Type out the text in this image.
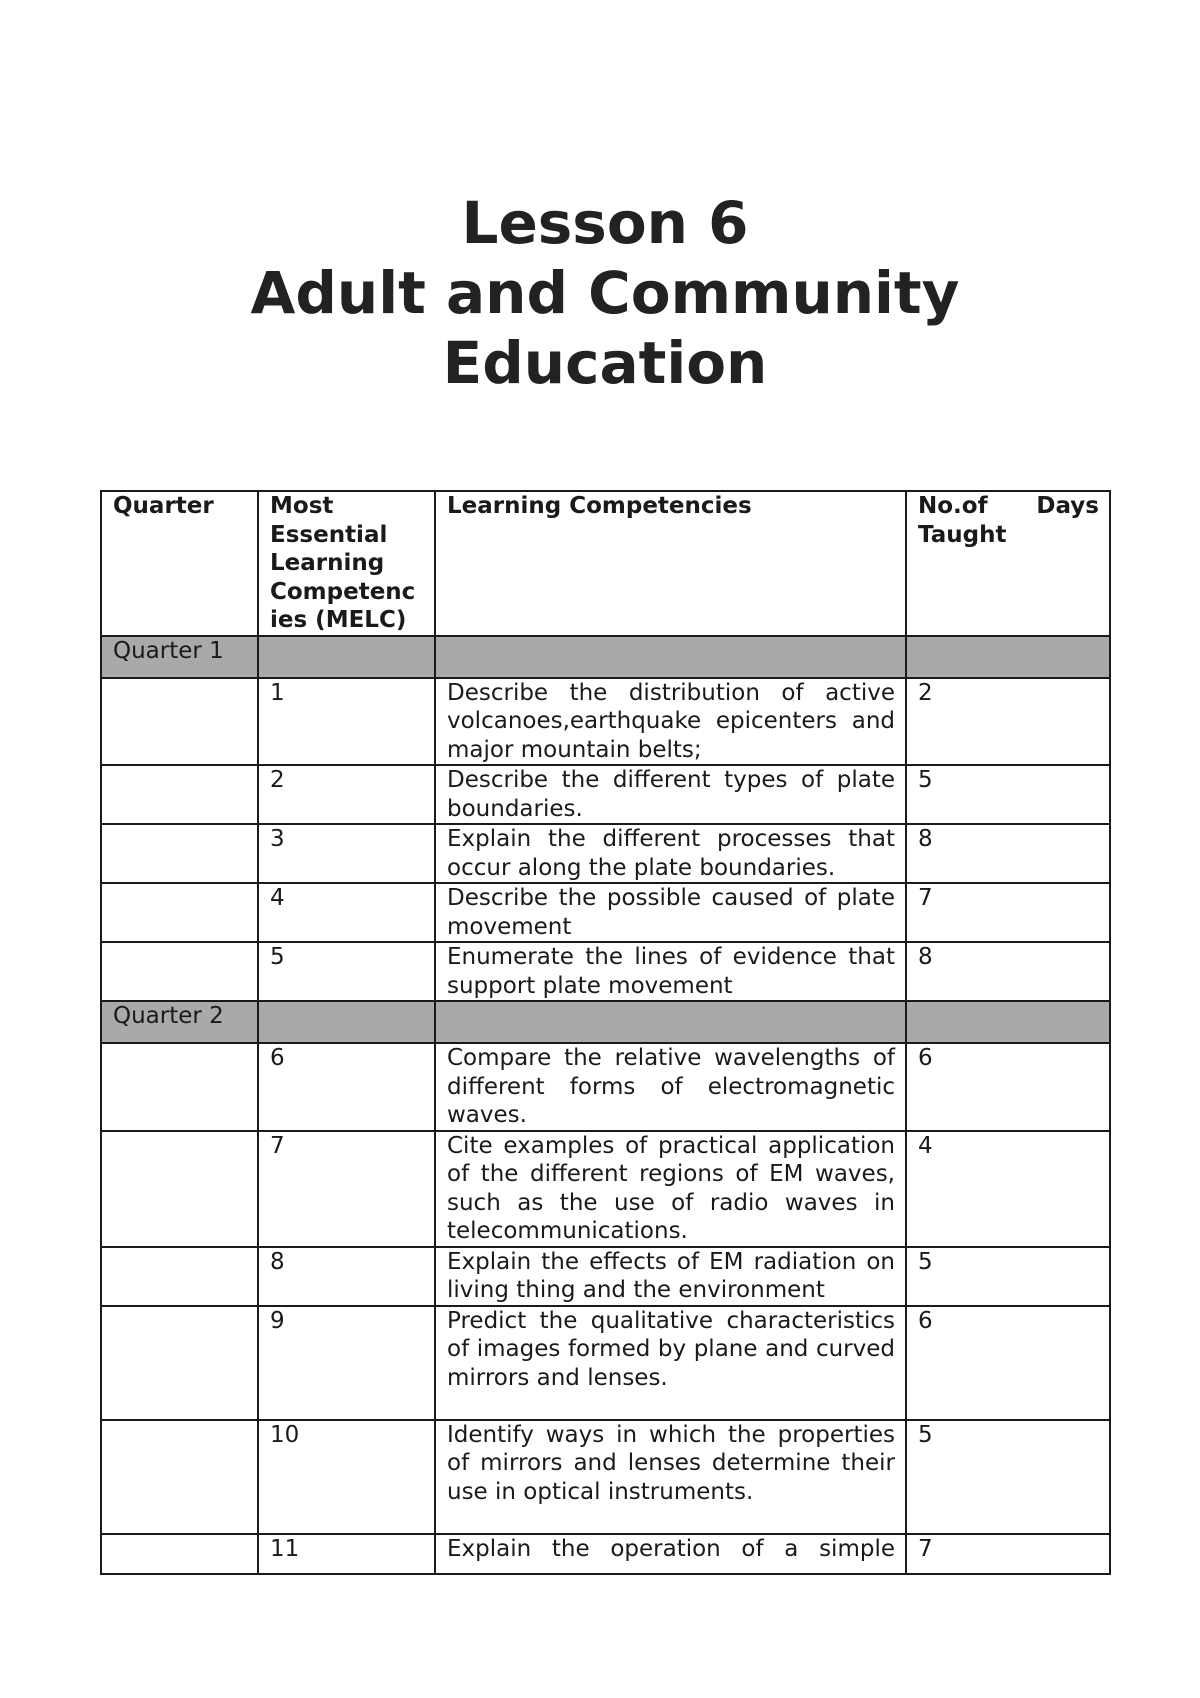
Lesson 6
Adult and Community
Education
Quarter	Most Essential Learning Competenc ies (MELC)	Learning Competencies	No.of Days
Taught

Quarter 1			
	1	Describe the distribution of active volcanoes,earthquake epicenters and major mountain belts;	2
	2	Describe the different types of plate boundaries.	5
	3	Explain the different processes that occur along the plate boundaries.	8
	4	Describe the possible caused of plate movement	7
	5	Enumerate the lines of evidence that support plate movement	8
Quarter 2			
	6	Compare the relative wavelengths of different forms of electromagnetic waves.	6
	7	Cite examples of practical application of the different regions of EM waves, such as the use of radio waves in telecommunications.	4
	8	Explain the effects of EM radiation on living thing and the environment	5
	9	Predict the qualitative characteristics of images formed by plane and curved mirrors and lenses.	6
	10	Identify ways in which the properties of mirrors and lenses determine their use in optical instruments.	5
	11	Explain the operation of a simple	7
